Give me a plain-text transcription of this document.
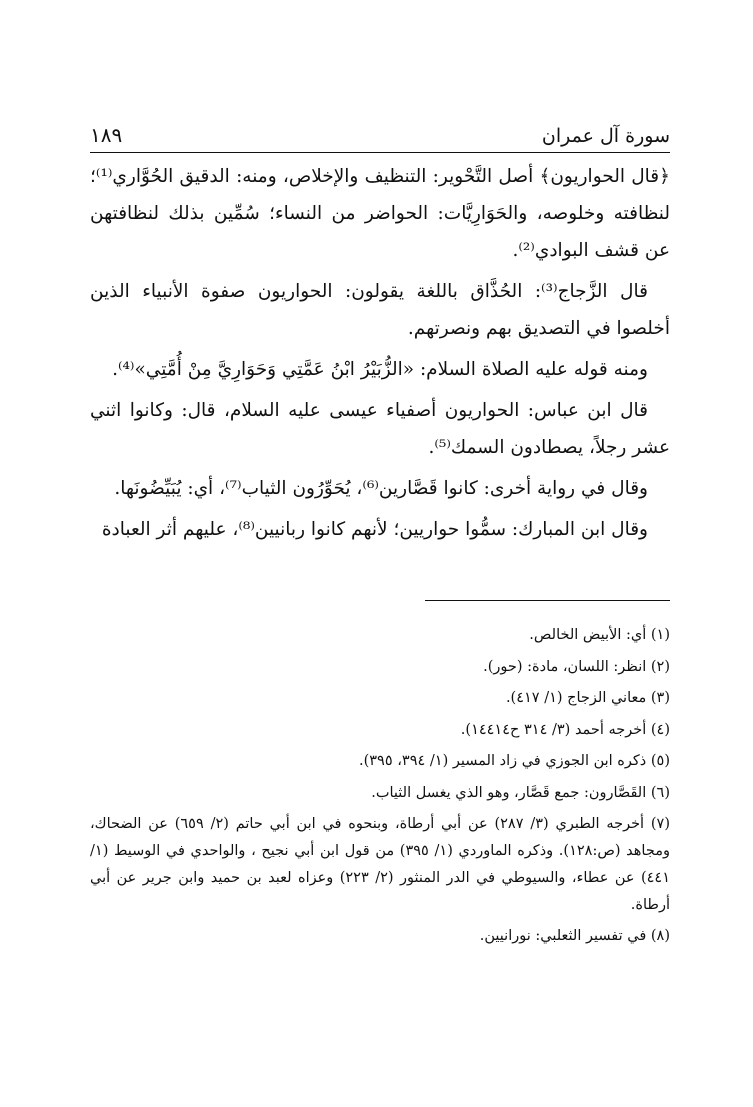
سورة آل عمران
١٨٩

﴿قال الحواريون﴾ أصل التَّحْوير: التنظيف والإخلاص، ومنه: الدقيق الحُوَّاري⁽¹⁾؛ لنظافته وخلوصه، والحَوَارِيَّات: الحواضر من النساء؛ سُمِّين بذلك لنظافتهن عن قشف البوادي⁽²⁾.

قال الزَّجاج⁽³⁾: الحُذَّاق باللغة يقولون: الحواريون صفوة الأنبياء الذين أخلصوا في التصديق بهم ونصرتهم.

ومنه قوله عليه الصلاة السلام: «الزُّبَيْرُ ابْنُ عَمَّتِي وَحَوَارِيَّ مِنْ أُمَّتِي»⁽⁴⁾.

قال ابن عباس: الحواريون أصفياء عيسى عليه السلام، قال: وكانوا اثني عشر رجلاً، يصطادون السمك⁽⁵⁾.

وقال في رواية أخرى: كانوا قَصَّارين⁽⁶⁾، يُحَوِّرُون الثياب⁽⁷⁾، أي: يُبَيِّضُونَها.

وقال ابن المبارك: سمُّوا حواريين؛ لأنهم كانوا ربانيين⁽⁸⁾، عليهم أثر العبادة

(١) أي: الأبيض الخالص.

(٢) انظر: اللسان، مادة: (حور).

(٣) معاني الزجاج (١/ ٤١٧).

(٤) أخرجه أحمد (٣/ ٣١٤ ح١٤٤١٤).

(٥) ذكره ابن الجوزي في زاد المسير (١/ ٣٩٤، ٣٩٥).

(٦) القَصَّارون: جمع قَصَّار، وهو الذي يغسل الثياب.

(٧) أخرجه الطبري (٣/ ٢٨٧) عن أبي أرطاة، وبنحوه في ابن أبي حاتم (٢/ ٦٥٩) عن الضحاك، ومجاهد (ص:١٢٨). وذكره الماوردي (١/ ٣٩٥) من قول ابن أبي نجيح ، والواحدي في الوسيط (١/ ٤٤١) عن عطاء، والسيوطي في الدر المنثور (٢/ ٢٢٣) وعزاه لعبد بن حميد وابن جرير عن أبي أرطاة.

(٨) في تفسير الثعلبي: نورانيين.
